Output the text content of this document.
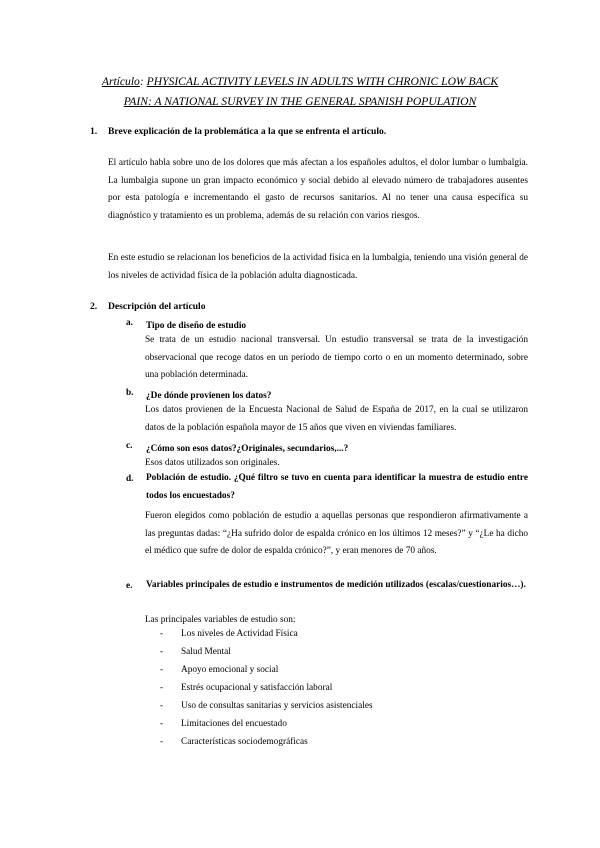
Artículo: PHYSICAL ACTIVITY LEVELS IN ADULTS WITH CHRONIC LOW BACK
PAIN: A NATIONAL SURVEY IN THE GENERAL SPANISH POPULATION
1. Breve explicación de la problemática a la que se enfrenta el artículo.
El artículo habla sobre uno de los dolores que más afectan a los españoles adultos, el dolor lumbar o lumbalgia. La lumbalgia supone un gran impacto económico y social debido al elevado número de trabajadores ausentes por esta patología e incrementando el gasto de recursos sanitarios. Al no tener una causa específica su diagnóstico y tratamiento es un problema, además de su relación con varios riesgos.
En este estudio se relacionan los beneficios de la actividad física en la lumbalgia, teniendo una visión general de los niveles de actividad física de la población adulta diagnosticada.
2. Descripción del artículo
a. Tipo de diseño de estudio
Se trata de un estudio nacional transversal. Un estudio transversal se trata de la investigación observacional que recoge datos en un período de tiempo corto o en un momento determinado, sobre una población determinada.
b. ¿De dónde provienen los datos?
Los datos provienen de la Encuesta Nacional de Salud de España de 2017, en la cual se utilizaron datos de la población española mayor de 15 años que viven en viviendas familiares.
c. ¿Cómo son esos datos?¿Originales, secundarios,...?
Esos datos utilizados son originales.
d. Población de estudio. ¿Qué filtro se tuvo en cuenta para identificar la muestra de estudio entre todos los encuestados?
Fueron elegidos como población de estudio a aquellas personas que respondieron afirmativamente a las preguntas dadas: “¿Ha sufrido dolor de espalda crónico en los últimos 12 meses?” y “¿Le ha dicho el médico que sufre de dolor de espalda crónico?”, y eran menores de 70 años.
e. Variables principales de estudio e instrumentos de medición utilizados (escalas/cuestionarios…).
Las principales variables de estudio son:
- Los niveles de Actividad Física
- Salud Mental
- Apoyo emocional y social
- Estrés ocupacional y satisfacción laboral
- Uso de consultas sanitarias y servicios asistenciales
- Limitaciones del encuestado
- Características sociodemográficas
